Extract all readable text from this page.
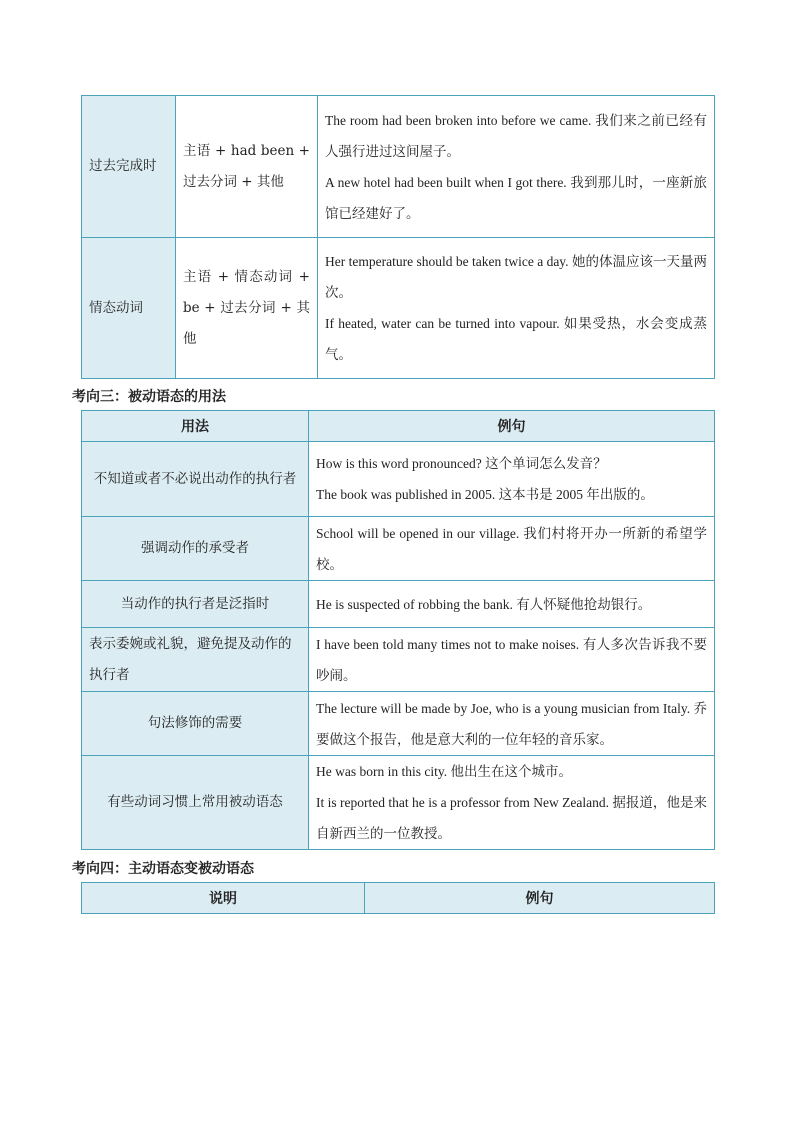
过去完成时	主语 + had been + 过去分词 + 其他	The room had been broken into before we came. 我们来之前已经有人强行进过这间屋子。
A new hotel had been built when I got there. 我到那儿时，一座新旅馆已经建好了。

情态动词	主语 + 情态动词 + be + 过去分词 + 其他	Her temperature should be taken twice a day. 她的体温应该一天量两次。
If heated, water can be turned into vapour. 如果受热，水会变成蒸气。
考向三：被动语态的用法
用法	例句
不知道或者不必说出动作的执行者	How is this word pronounced? 这个单词怎么发音？
The book was published in 2005. 这本书是 2005 年出版的。

强调动作的承受者	School will be opened in our village. 我们村将开办一所新的希望学校。

当动作的执行者是泛指时	He is suspected of robbing the bank. 有人怀疑他抢劫银行。

表示委婉或礼貌，避免提及动作的执行者	I have been told many times not to make noises. 有人多次告诉我不要吵闹。

句法修饰的需要	The lecture will be made by Joe, who is a young musician from Italy. 乔要做这个报告，他是意大利的一位年轻的音乐家。

有些动词习惯上常用被动语态	He was born in this city. 他出生在这个城市。
It is reported that he is a professor from New Zealand. 据报道，他是来自新西兰的一位教授。
考向四：主动语态变被动语态
说明	例句
